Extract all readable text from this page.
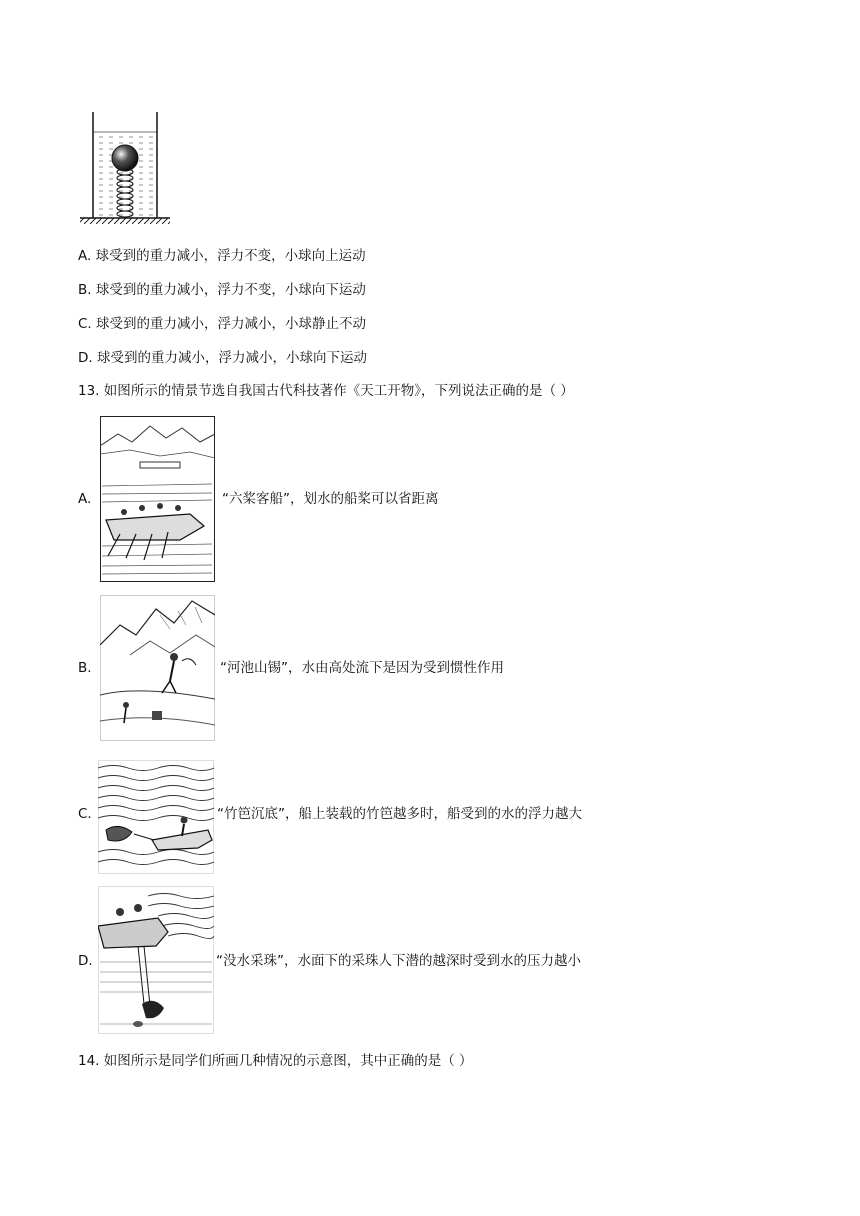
A. 球受到的重力减小，浮力不变，小球向上运动
B. 球受到的重力减小，浮力不变，小球向下运动
C. 球受到的重力减小，浮力减小，小球静止不动
D. 球受到的重力减小，浮力减小，小球向下运动
13. 如图所示的情景节选自我国古代科技著作《天工开物》，下列说法正确的是（ ）
A.	“六桨客船”，划水的船桨可以省距离
B.	“河池山锡”，水由高处流下是因为受到惯性作用
C.	“竹笆沉底”，船上装载的竹笆越多时，船受到的水的浮力越大
D.	“没水采珠”，水面下的采珠人下潜的越深时受到水的压力越小
14. 如图所示是同学们所画几种情况的示意图，其中正确的是（ ）
